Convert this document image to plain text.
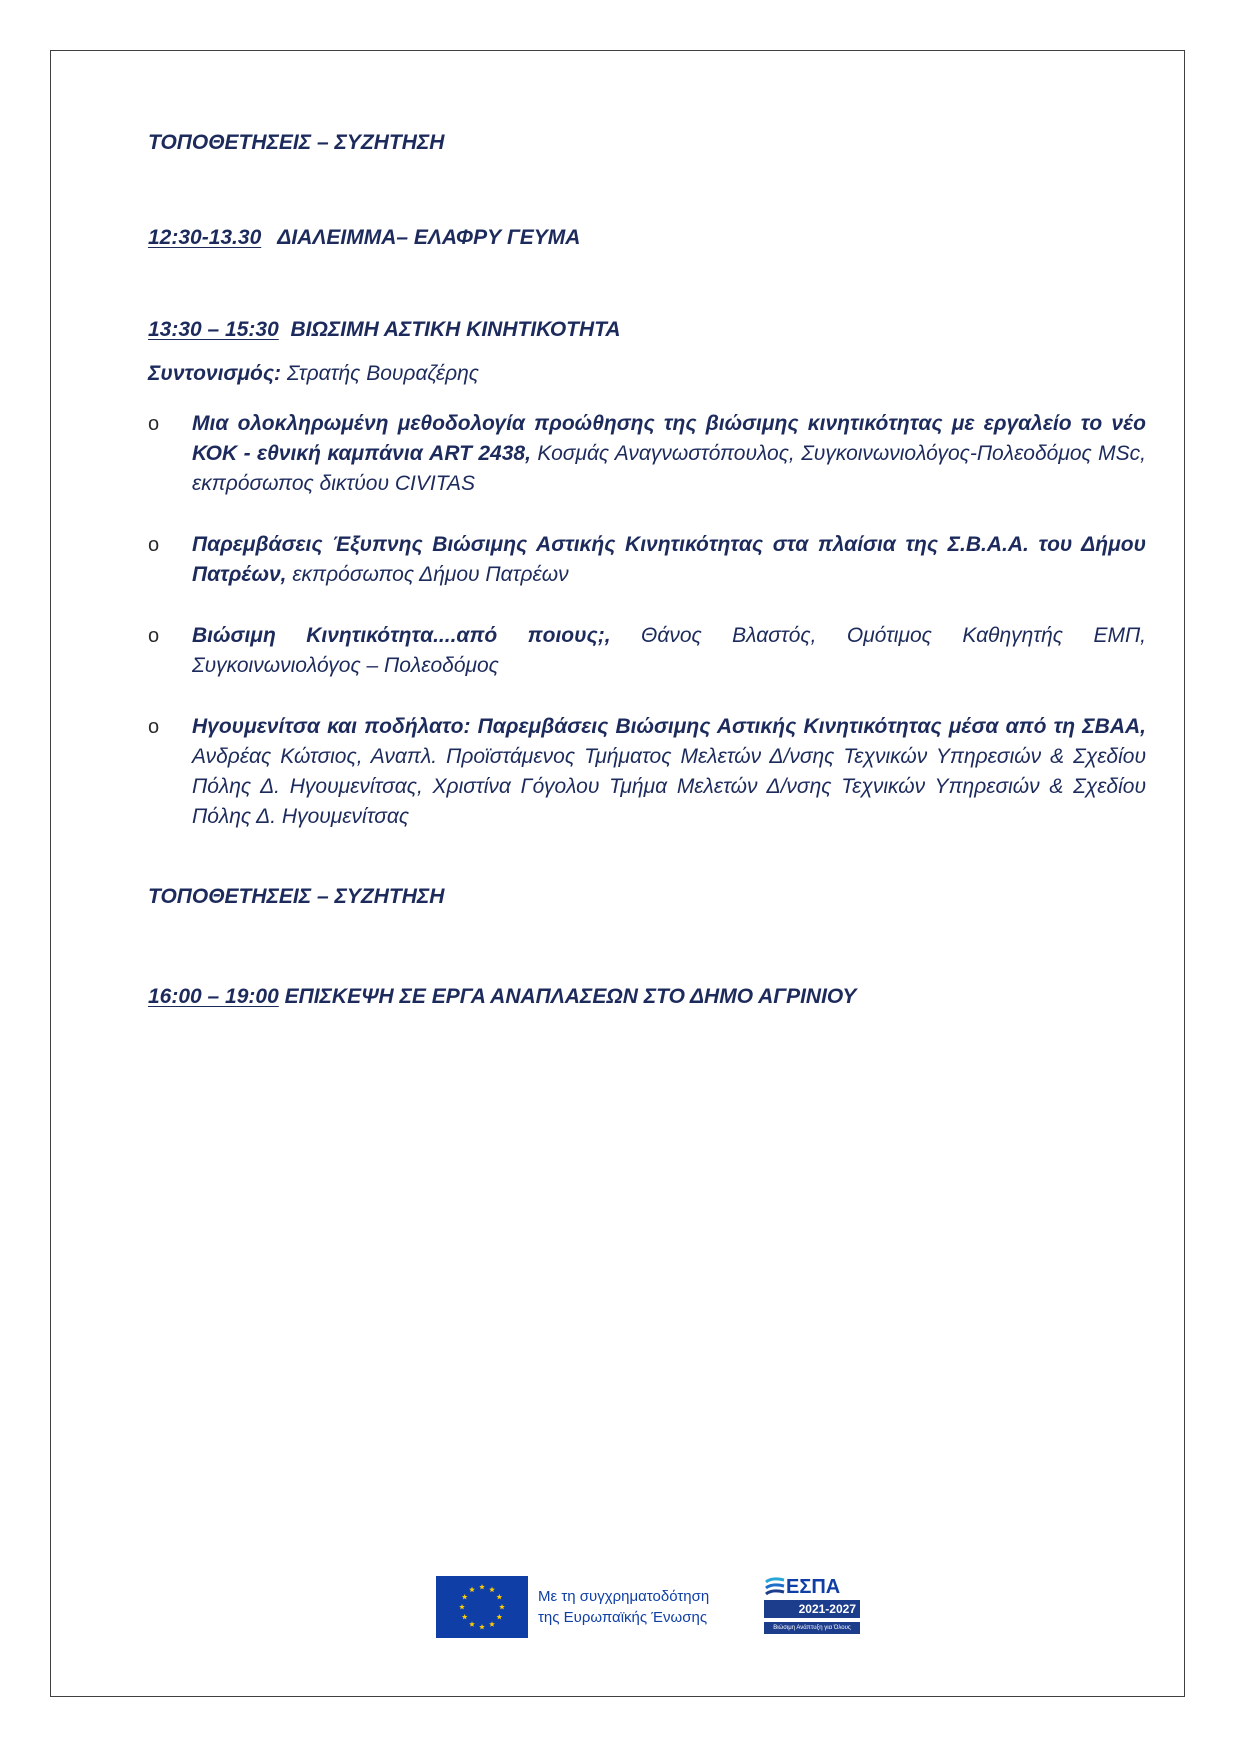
ΤΟΠΟΘΕΤΗΣΕΙΣ – ΣΥΖΗΤΗΣΗ

12:30-13.30 ΔΙΑΛΕΙΜΜΑ– ΕΛΑΦΡΥ ΓΕΥΜΑ

13:30 – 15:30 ΒΙΩΣΙΜΗ ΑΣΤΙΚΗ ΚΙΝΗΤΙΚΟΤΗΤΑ

Συντονισμός: Στρατής Βουραζέρης

o Μια ολοκληρωμένη μεθοδολογία προώθησης της βιώσιμης κινητικότητας με εργαλείο το νέο ΚΟΚ - εθνική καμπάνια ART 2438, Κοσμάς Αναγνωστόπουλος, Συγκοινωνιολόγος-Πολεοδόμος MSc, εκπρόσωπος δικτύου CIVITAS
o Παρεμβάσεις Έξυπνης Βιώσιμης Αστικής Κινητικότητας στα πλαίσια της Σ.Β.Α.Α. του Δήμου Πατρέων, εκπρόσωπος Δήμου Πατρέων
o Βιώσιμη Κινητικότητα....από ποιους;, Θάνος Βλαστός, Ομότιμος Καθηγητής ΕΜΠ, Συγκοινωνιολόγος – Πολεοδόμος
o Ηγουμενίτσα και ποδήλατο: Παρεμβάσεις Βιώσιμης Αστικής Κινητικότητας μέσα από τη ΣΒΑΑ, Ανδρέας Κώτσιος, Αναπλ. Προϊστάμενος Τμήματος Μελετών Δ/νσης Τεχνικών Υπηρεσιών & Σχεδίου Πόλης Δ. Ηγουμενίτσας, Χριστίνα Γόγολου Τμήμα Μελετών Δ/νσης Τεχνικών Υπηρεσιών & Σχεδίου Πόλης Δ. Ηγουμενίτσας

ΤΟΠΟΘΕΤΗΣΕΙΣ – ΣΥΖΗΤΗΣΗ

16:00 – 19:00 ΕΠΙΣΚΕΨΗ ΣΕ ΕΡΓΑ ΑΝΑΠΛΑΣΕΩΝ ΣΤΟ ΔΗΜΟ ΑΓΡΙΝΙΟΥ

Με τη συγχρηματοδότηση
της Ευρωπαϊκής Ένωσης
ΕΣΠΑ
2021-2027
Βιώσιμη Ανάπτυξη για Όλους
